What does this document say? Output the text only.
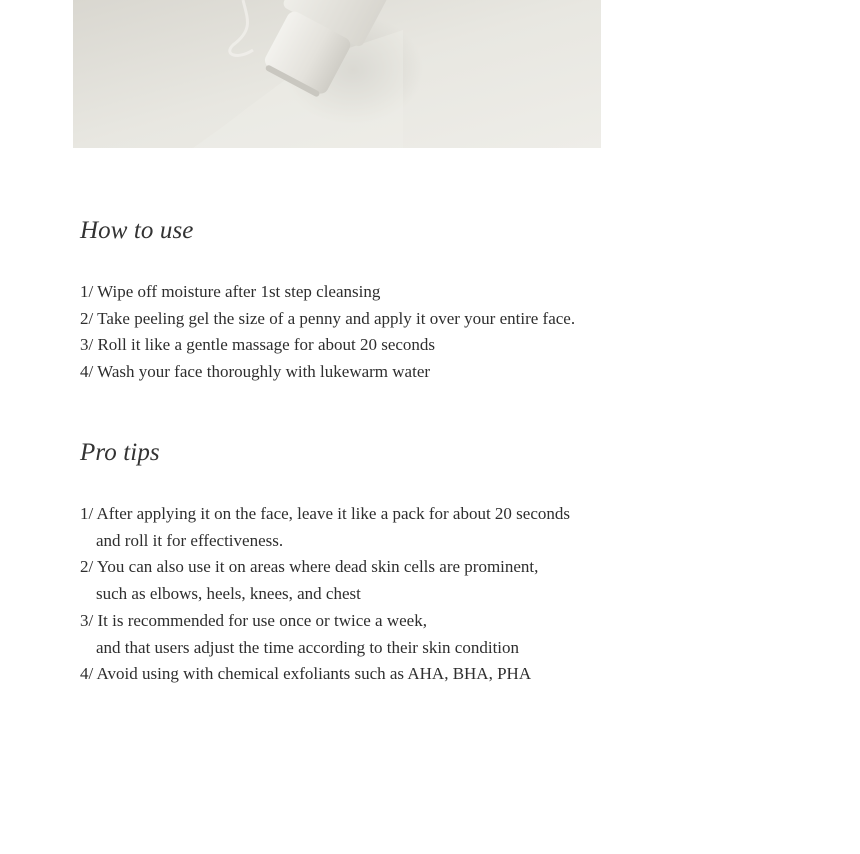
How to use
1/ Wipe off moisture after 1st step cleansing
2/ Take peeling gel the size of a penny and apply it over your entire face.
3/ Roll it like a gentle massage for about 20 seconds
4/ Wash your face thoroughly with lukewarm water
Pro tips
1/ After applying it on the face, leave it like a pack for about 20 seconds
and roll it for effectiveness.
2/ You can also use it on areas where dead skin cells are prominent,
such as elbows, heels, knees, and chest
3/ It is recommended for use once or twice a week,
and that users adjust the time according to their skin condition
4/ Avoid using with chemical exfoliants such as AHA, BHA, PHA
